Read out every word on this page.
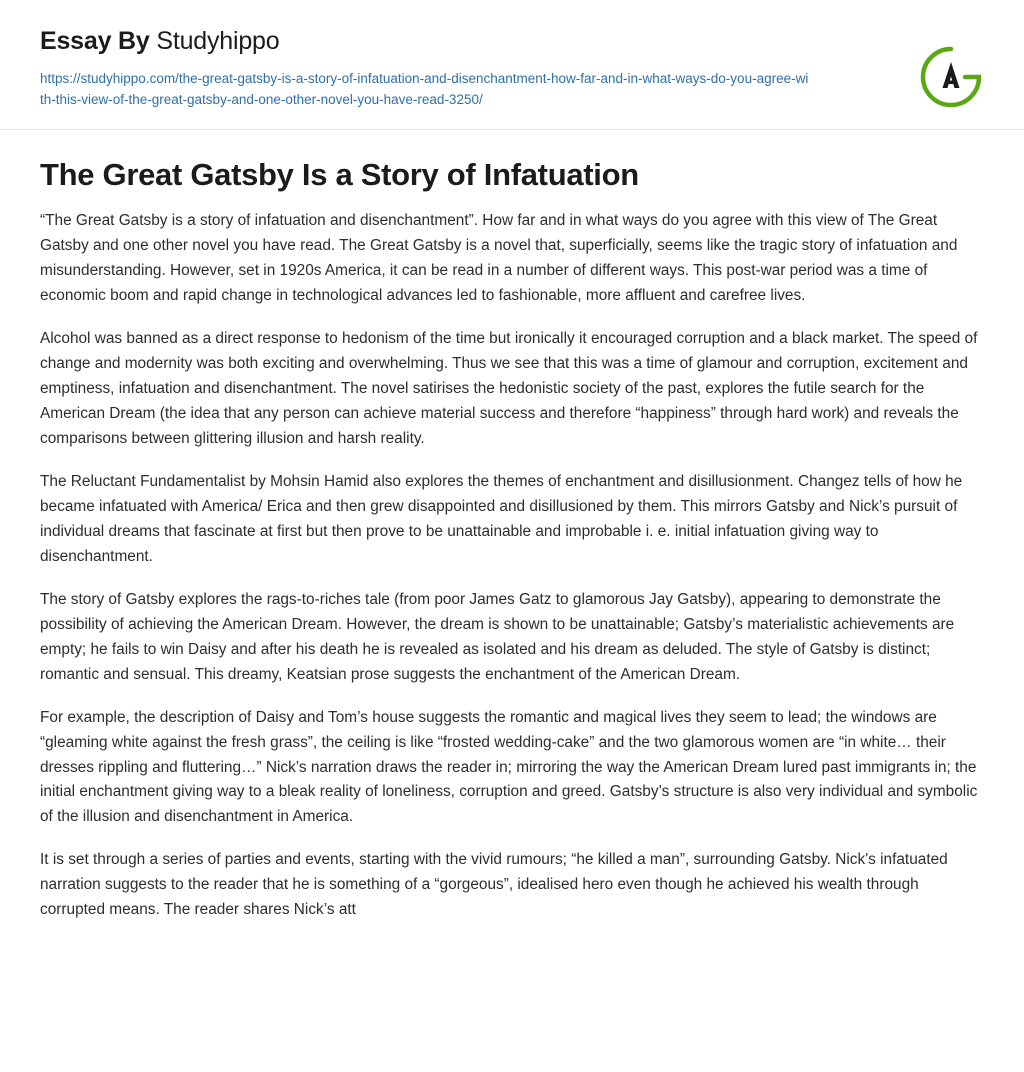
Essay By Studyhippo
https://studyhippo.com/the-great-gatsby-is-a-story-of-infatuation-and-disenchantment-how-far-and-in-what-ways-do-you-agree-with-this-view-of-the-great-gatsby-and-one-other-novel-you-have-read-3250/
The Great Gatsby Is a Story of Infatuation

“The Great Gatsby is a story of infatuation and disenchantment”. How far and in what ways do you agree with this view of The Great Gatsby and one other novel you have read. The Great Gatsby is a novel that, superficially, seems like the tragic story of infatuation and misunderstanding. However, set in 1920s America, it can be read in a number of different ways. This post-war period was a time of economic boom and rapid change in technological advances led to fashionable, more affluent and carefree lives.

Alcohol was banned as a direct response to hedonism of the time but ironically it encouraged corruption and a black market. The speed of change and modernity was both exciting and overwhelming. Thus we see that this was a time of glamour and corruption, excitement and emptiness, infatuation and disenchantment. The novel satirises the hedonistic society of the past, explores the futile search for the American Dream (the idea that any person can achieve material success and therefore “happiness” through hard work) and reveals the comparisons between glittering illusion and harsh reality.

The Reluctant Fundamentalist by Mohsin Hamid also explores the themes of enchantment and disillusionment. Changez tells of how he became infatuated with America/ Erica and then grew disappointed and disillusioned by them. This mirrors Gatsby and Nick’s pursuit of individual dreams that fascinate at first but then prove to be unattainable and improbable i. e. initial infatuation giving way to disenchantment.

The story of Gatsby explores the rags-to-riches tale (from poor James Gatz to glamorous Jay Gatsby), appearing to demonstrate the possibility of achieving the American Dream. However, the dream is shown to be unattainable; Gatsby’s materialistic achievements are empty; he fails to win Daisy and after his death he is revealed as isolated and his dream as deluded. The style of Gatsby is distinct; romantic and sensual. This dreamy, Keatsian prose suggests the enchantment of the American Dream.

For example, the description of Daisy and Tom’s house suggests the romantic and magical lives they seem to lead; the windows are “gleaming white against the fresh grass”, the ceiling is like “frosted wedding-cake” and the two glamorous women are “in white… their dresses rippling and fluttering…” Nick’s narration draws the reader in; mirroring the way the American Dream lured past immigrants in; the initial enchantment giving way to a bleak reality of loneliness, corruption and greed. Gatsby’s structure is also very individual and symbolic of the illusion and disenchantment in America.

It is set through a series of parties and events, starting with the vivid rumours; “he killed a man”, surrounding Gatsby. Nick's infatuated narration suggests to the reader that he is something of a “gorgeous”, idealised hero even though he achieved his wealth through corrupted means. The reader shares Nick’s att
